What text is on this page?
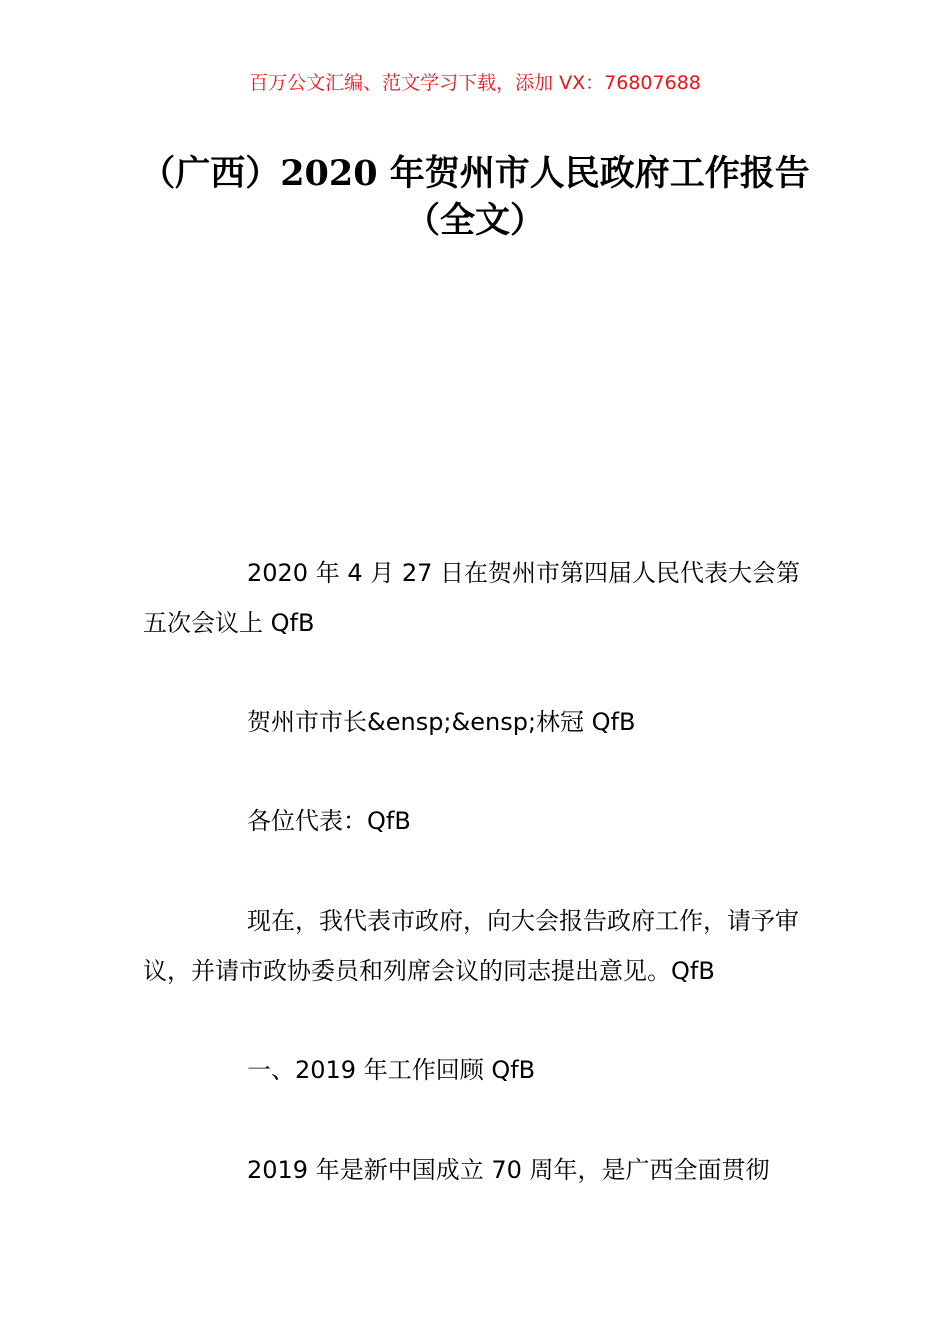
百万公文汇编、范文学习下载，添加 VX：76807688
（广西）2020 年贺州市人民政府工作报告
（全文）

2020 年 4 月 27 日在贺州市第四届人民代表大会第五次会议上 QfB

贺州市市长&ensp;&ensp;林冠 QfB

各位代表：QfB

现在，我代表市政府，向大会报告政府工作，请予审议，并请市政协委员和列席会议的同志提出意见。QfB

一、2019 年工作回顾 QfB

2019 年是新中国成立 70 周年，是广西全面贯彻
